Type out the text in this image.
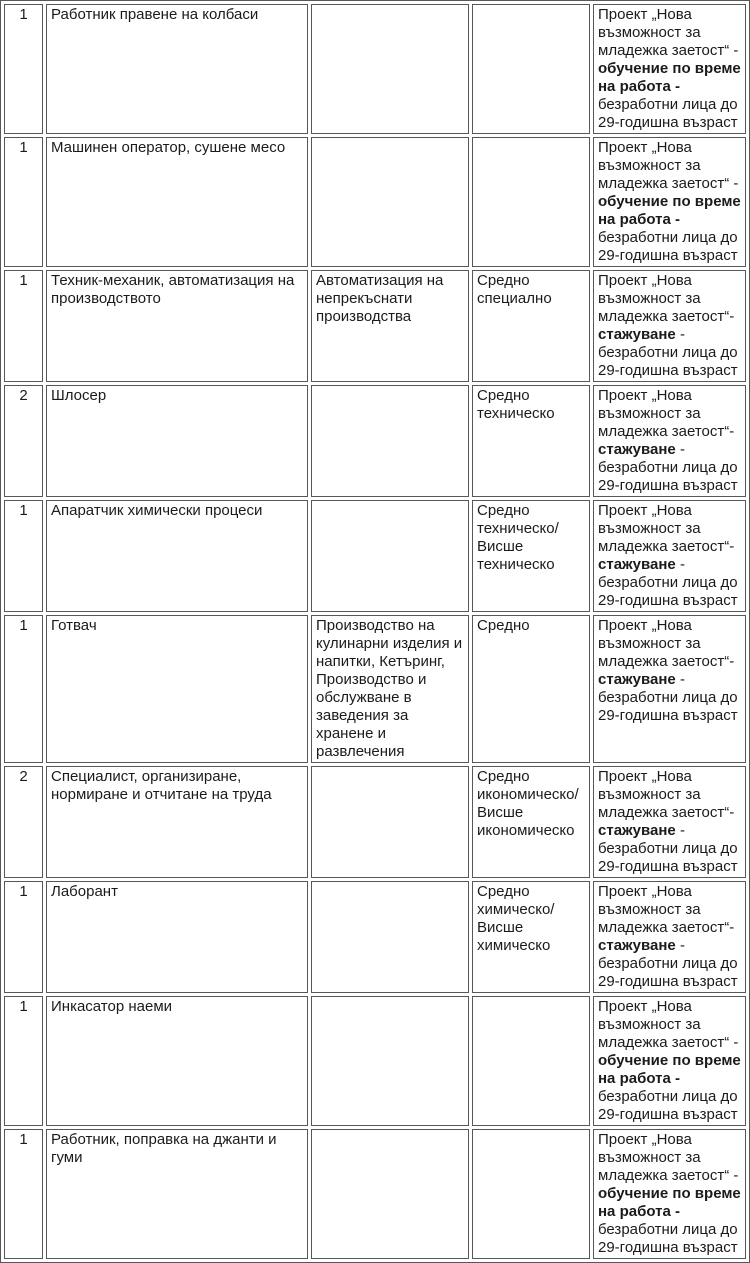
1	Работник правене на колбаси			Проект „Нова възможност за младежка заетост“ - обучение по време на работа - безработни лица до 29-годишна възраст
1	Машинен оператор, сушене месо			Проект „Нова възможност за младежка заетост“ - обучение по време на работа - безработни лица до 29-годишна възраст
1	Техник-механик, автоматизация на производството	Автоматизация на непрекъснати производства	Средно специално	Проект „Нова възможност за младежка заетост“- стажуване - безработни лица до 29-годишна възраст
2	Шлосер		Средно техническо	Проект „Нова възможност за младежка заетост“- стажуване - безработни лица до 29-годишна възраст
1	Апаратчик химически процеси		Средно техническо/ Висше техническо	Проект „Нова възможност за младежка заетост“- стажуване - безработни лица до 29-годишна възраст
1	Готвач	Производство на кулинарни изделия и напитки, Кетъринг, Производство и обслужване в заведения за хранене и развлечения	Средно	Проект „Нова възможност за младежка заетост“- стажуване - безработни лица до 29-годишна възраст
2	Специалист, организиране, нормиране и отчитане на труда		Средно икономическо/ Висше икономическо	Проект „Нова възможност за младежка заетост“- стажуване - безработни лица до 29-годишна възраст
1	Лаборант		Средно химическо/ Висше химическо	Проект „Нова възможност за младежка заетост“- стажуване - безработни лица до 29-годишна възраст
1	Инкасатор наеми			Проект „Нова възможност за младежка заетост“ - обучение по време на работа - безработни лица до 29-годишна възраст
1	Работник, поправка на джанти и гуми			Проект „Нова възможност за младежка заетост“ - обучение по време на работа - безработни лица до 29-годишна възраст
